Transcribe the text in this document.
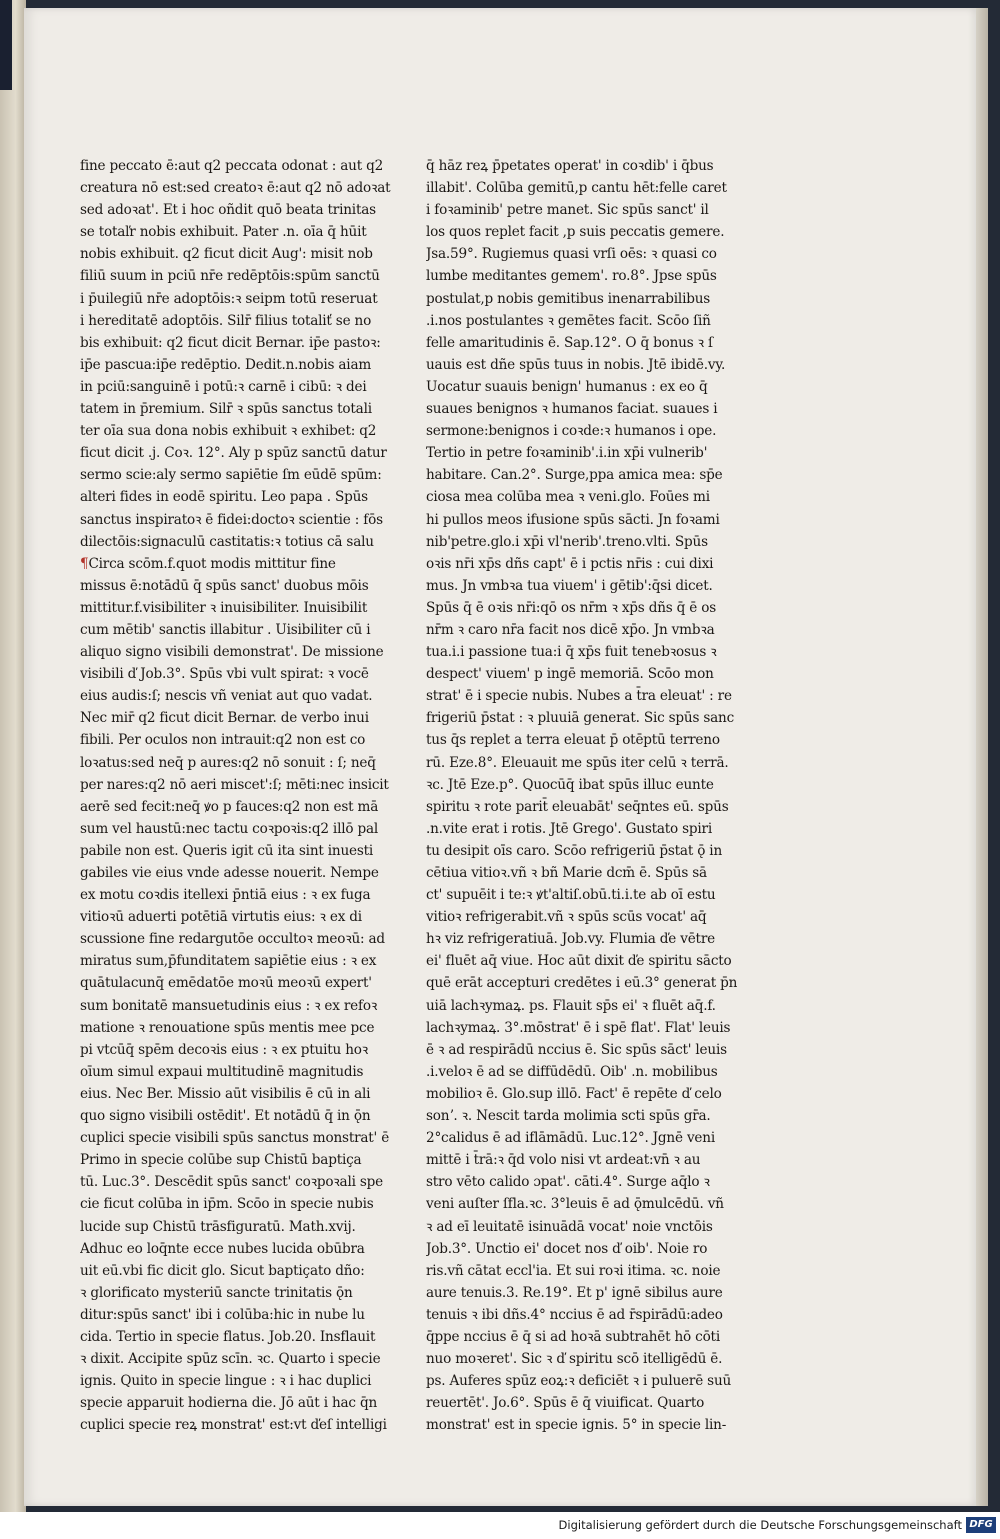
fine peccato ē:aut q2 peccata odonat : aut q2
creatura nō est:sed creatoꝛ ē:aut q2 nō adoꝛat
sed adoꝛat'. Et i hoc oñdit quō beata trinitas
se totaľr nobis exhibuit. Pater .n. oīa q̄ hūit
nobis exhibuit. q2 ficut dicit Aug': misit nob
filiū suum in pciū nr̄e redēptōis:spūm sanctū
i p̄uilegiū nr̄e adoptōis:ꝛ seipm totū reseruat
i hereditatē adoptōis. Silr̄ filius totaliť se no
bis exhibuit: q2 ficut dicit Bernar. ip̄e pastoꝛ:
ip̄e pascua:ip̄e redēptio. Dedit.n.nobis aiam
in pciū:sanguinē i potū:ꝛ carnē i cibū: ꝛ dei
tatem in p̄remium. Silr̄ ꝛ spūs sanctus totali
ter oīa sua dona nobis exhibuit ꝛ exhibet: q2
ficut dicit .j. Coꝛ. 12°. Aly p spūz sanctū datur
sermo scie:aly sermo sapiētie ſm eūdē spūm:
alteri fides in eodē spiritu. Leo papa . Spūs
sanctus inspiratoꝛ ē fidei:doctoꝛ scientie : fōs
dilectōis:signaculū castitatis:ꝛ totius cā salu
¶Circa scōm.f.quot modis mittitur fine
missus ē:notādū q̄ spūs sanct' duobus mōis
mittitur.f.visibiliter ꝛ inuisibiliter. Inuisibilit
cum mētib' sanctis illabitur . Uisibiliter cū i
aliquo signo visibili demonstrat'. De missione
visibili ď Job.3°. Spūs vbi vult spirat: ꝛ vocē
eius audis:ſ; nescis vñ veniat aut quo vadat.
Nec mir̄ q2 ficut dicit Bernar. de verbo inui
fibili. Per oculos non intrauit:q2 non est co
loꝛatus:sed neq̄ p aures:q2 nō sonuit : ſ; neq̄
per nares:q2 nō aeri miscet':ſ; mēti:nec insicit
aerē sed fecit:neq̄ ꝟo p fauces:q2 non est mā
sum vel haustū:nec tactu coꝛpoꝛis:q2 illō pal
pabile non est. Queris igit cū ita sint inuesti
gabiles vie eius vnde adesse nouerit. Nempe
ex motu coꝛdis itellexi p̄ntiā eius : ꝛ ex fuga
vitioꝛū aduerti potētiā virtutis eius: ꝛ ex di
scussione fine redargutōe occultoꝛ meoꝛū: ad
miratus sum,p̄funditatem sapiētie eius : ꝛ ex
quātulacunq̄ emēdatōe moꝛū meoꝛū expert'
sum bonitatē mansuetudinis eius : ꝛ ex refoꝛ
matione ꝛ renouatione spūs mentis mee pce
pi vtcūq̄ spēm decoꝛis eius : ꝛ ex ptuitu hoꝛ
oīum simul expaui multitudinē magnitudis
eius. Nec Ber. Missio aūt visibilis ē cū in ali
quo signo visibili ostēdit'. Et notādū q̄ in ǭn
cuplici specie visibili spūs sanctus monstrat' ē
Primo in specie colūbe sup Chistū baptiça
tū. Luc.3°. Descēdit spūs sanct' coꝛpoꝛali spe
cie ficut colūba in ip̄m. Scōo in specie nubis
lucide sup Chistū trāsfiguratū. Math.xvij.
Adhuc eo loq̄nte ecce nubes lucida obūbra
uit eū.vbi fic dicit glo. Sicut baptiçato dño:
ꝛ glorificato mysteriū sancte trinitatis ǭn
ditur:spūs sanct' ibi i colūba:hic in nube lu
cida. Tertio in specie flatus. Job.20. Insflauit
ꝛ dixit. Accipite spūz scīn. ꝛc. Quarto i specie
ignis. Quito in specie lingue : ꝛ i hac duplici
specie apparuit hodierna die. Jō aūt i hac q̄n
cuplici specie reꝝ monstrat' est:vt ďeſ intelligi
q̄ hāz reꝝ p̄petates operat' in coꝛdib' i q̄bus
illabit'. Colūba gemitū,p cantu hēt:felle caret
i foꝛaminib' petre manet. Sic spūs sanct' il
los quos replet facit ,p suis peccatis gemere.
Jsa.59°. Rugiemus quasi vrſi oēs: ꝛ quasi co
lumbe meditantes gemem'. ro.8°. Jpse spūs
postulat,p nobis gemitibus inenarrabilibus
.i.nos postulantes ꝛ gemētes facit. Scōo ſiñ
felle amaritudinis ē. Sap.12°. O q̄ bonus ꝛ ſ
uauis est dñe spūs tuus in nobis. Jtē ibidē.vy.
Uocatur suauis benign' humanus : ex eo q̄
suaues benignos ꝛ humanos faciat. suaues i
sermone:benignos i coꝛde:ꝛ humanos i ope.
Tertio in petre foꝛaminib'.i.in xp̄i vulnerib'
habitare. Can.2°. Surge,ppa amica mea: sp̄e
ciosa mea colūba mea ꝛ veni.glo. Foūes mi
hi pullos meos ifusione spūs sācti. Jn foꝛami
nib'petre.glo.i xp̄i vl'nerib'.treno.vlti. Spūs
oꝛis nr̄i xp̄s dñs capt' ē i pctis nr̄is : cui dixi
mus. Jn vmbꝛa tua viuem' i gētib':q̄si dicet.
Spūs q̄ ē oꝛis nr̄i:qō os nr̄m ꝛ xp̄s dñs q̄ ē os
nr̄m ꝛ caro nr̄a facit nos dicē xp̄o. Jn vmbꝛa
tua.i.i passione tua:i q̄ xp̄s fuit tenebꝛosus ꝛ
despect' viuem' p ingē memoriā. Scōo mon
strat' ē i specie nubis. Nubes a t̄ra eleuat' : re
frigeriū p̄stat : ꝛ pluuiā generat. Sic spūs sanc
tus q̄s replet a terra eleuat p̄ otēptū terreno
rū. Eze.8°. Eleuauit me spūs iter celū ꝛ terrā.
ꝛc. Jtē Eze.p°. Quocūq̄ ibat spūs illuc eunte
spiritu ꝛ rote parit̄ eleuabāt' seq̄ntes eū. spūs
.n.vite erat i rotis. Jtē Grego'. Gustato spiri
tu desipit oīs caro. Scōo refrigeriū p̄stat ǭ in
cētiua vitioꝛ.vñ ꝛ bñ Marie dcm̄ ē. Spūs sā
ct' supuēit i te:ꝛ ꝟt'altiſ.obū.ti.i.te ab oī estu
vitioꝛ refrigerabit.vñ ꝛ spūs scūs vocat' aq̄
hꝛ viz refrigeratiuā. Job.vy. Flumia ďe vētre
ei' fluēt aq̄ viue. Hoc aūt dixit ďe spiritu sācto
quē erāt accepturi credētes i eū.3° generat p̄n
uiā lachꝛymaꝝ. ps. Flauit sp̄s ei' ꝛ fluēt aq̄.f.
lachꝛymaꝝ. 3°.mōstrat' ē i spē flat'. Flat' leuis
ē ꝛ ad respirādū nccius ē. Sic spūs sāct' leuis
.i.veloꝛ ē ad se diffūdēdū. Oib' .n. mobilibus
mobilioꝛ ē. Glo.sup illō. Fact' ē repēte ď celo
sonʼ. ꝛ. Nescit tarda molimia scti spūs gr̄a.
2°calidus ē ad iflāmādū. Luc.12°. Jgnē veni
mittē i t̄rā:ꝛ q̄d volo nisi vt ardeat:vn̄ ꝛ au
stro vēto calido ɔpat'. cāti.4°. Surge aq̄lo ꝛ
veni auſter ſfla.ꝛc. 3°leuis ē ad ǭmulcēdū. vñ
ꝛ ad eī leuitatē isinuādā vocat' noie vnctōis
Job.3°. Unctio ei' docet nos ď oib'. Noie ro
ris.vñ cātat eccl'ia. Et sui roꝛi itima. ꝛc. noie
aure tenuis.3. Re.19°. Et p' ignē sibilus aure
tenuis ꝛ ibi dñs.4° nccius ē ad r̄spirādū:adeo
q̄ppe nccius ē q̄ si ad hoꝛā subtrahēt hō cōti
nuo moꝛeret'. Sic ꝛ ď spiritu scō itelligēdū ē.
ps. Auferes spūz eoꝝ:ꝛ deficiēt ꝛ i puluerē suū
reuertēt'. Jo.6°. Spūs ē q̄ viuificat. Quarto
monstrat' est in specie ignis. 5° in specie lin-
Digitalisierung gefördert durch die Deutsche Forschungsgemeinschaft DFG
